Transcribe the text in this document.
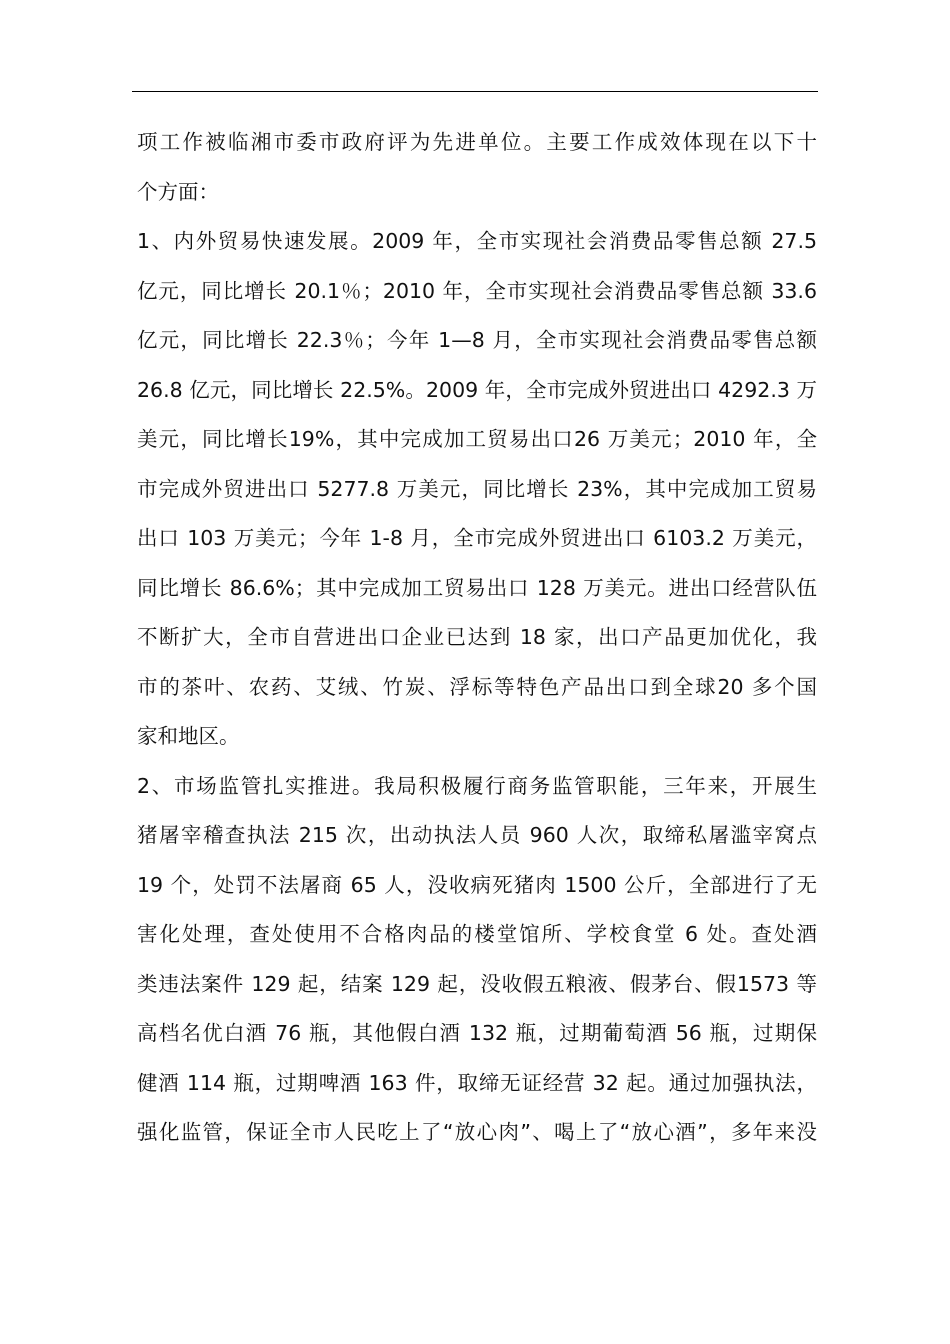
项工作被临湘市委市政府评为先进单位。主要工作成效体现在以下十
个方面：
1、内外贸易快速发展。2009 年，全市实现社会消费品零售总额 27.5
亿元，同比增长 20.1％；2010 年，全市实现社会消费品零售总额 33.6
亿元，同比增长 22.3％；今年 1—8 月，全市实现社会消费品零售总额
26.8 亿元，同比增长 22.5%。2009 年，全市完成外贸进出口 4292.3 万
美元，同比增长19%，其中完成加工贸易出口26 万美元；2010 年，全
市完成外贸进出口 5277.8 万美元，同比增长 23%，其中完成加工贸易
出口 103 万美元；今年 1-8 月，全市完成外贸进出口 6103.2 万美元，
同比增长 86.6%；其中完成加工贸易出口 128 万美元。进出口经营队伍
不断扩大，全市自营进出口企业已达到 18 家，出口产品更加优化，我
市的茶叶、农药、艾绒、竹炭、浮标等特色产品出口到全球20 多个国
家和地区。
2、市场监管扎实推进。我局积极履行商务监管职能，三年来，开展生
猪屠宰稽查执法 215 次，出动执法人员 960 人次，取缔私屠滥宰窝点
19 个，处罚不法屠商 65 人，没收病死猪肉 1500 公斤，全部进行了无
害化处理，查处使用不合格肉品的楼堂馆所、学校食堂 6 处。查处酒
类违法案件 129 起，结案 129 起，没收假五粮液、假茅台、假1573 等
高档名优白酒 76 瓶，其他假白酒 132 瓶，过期葡萄酒 56 瓶，过期保
健酒 114 瓶，过期啤酒 163 件，取缔无证经营 32 起。通过加强执法，
强化监管，保证全市人民吃上了“放心肉”、喝上了“放心酒”，多年来没
